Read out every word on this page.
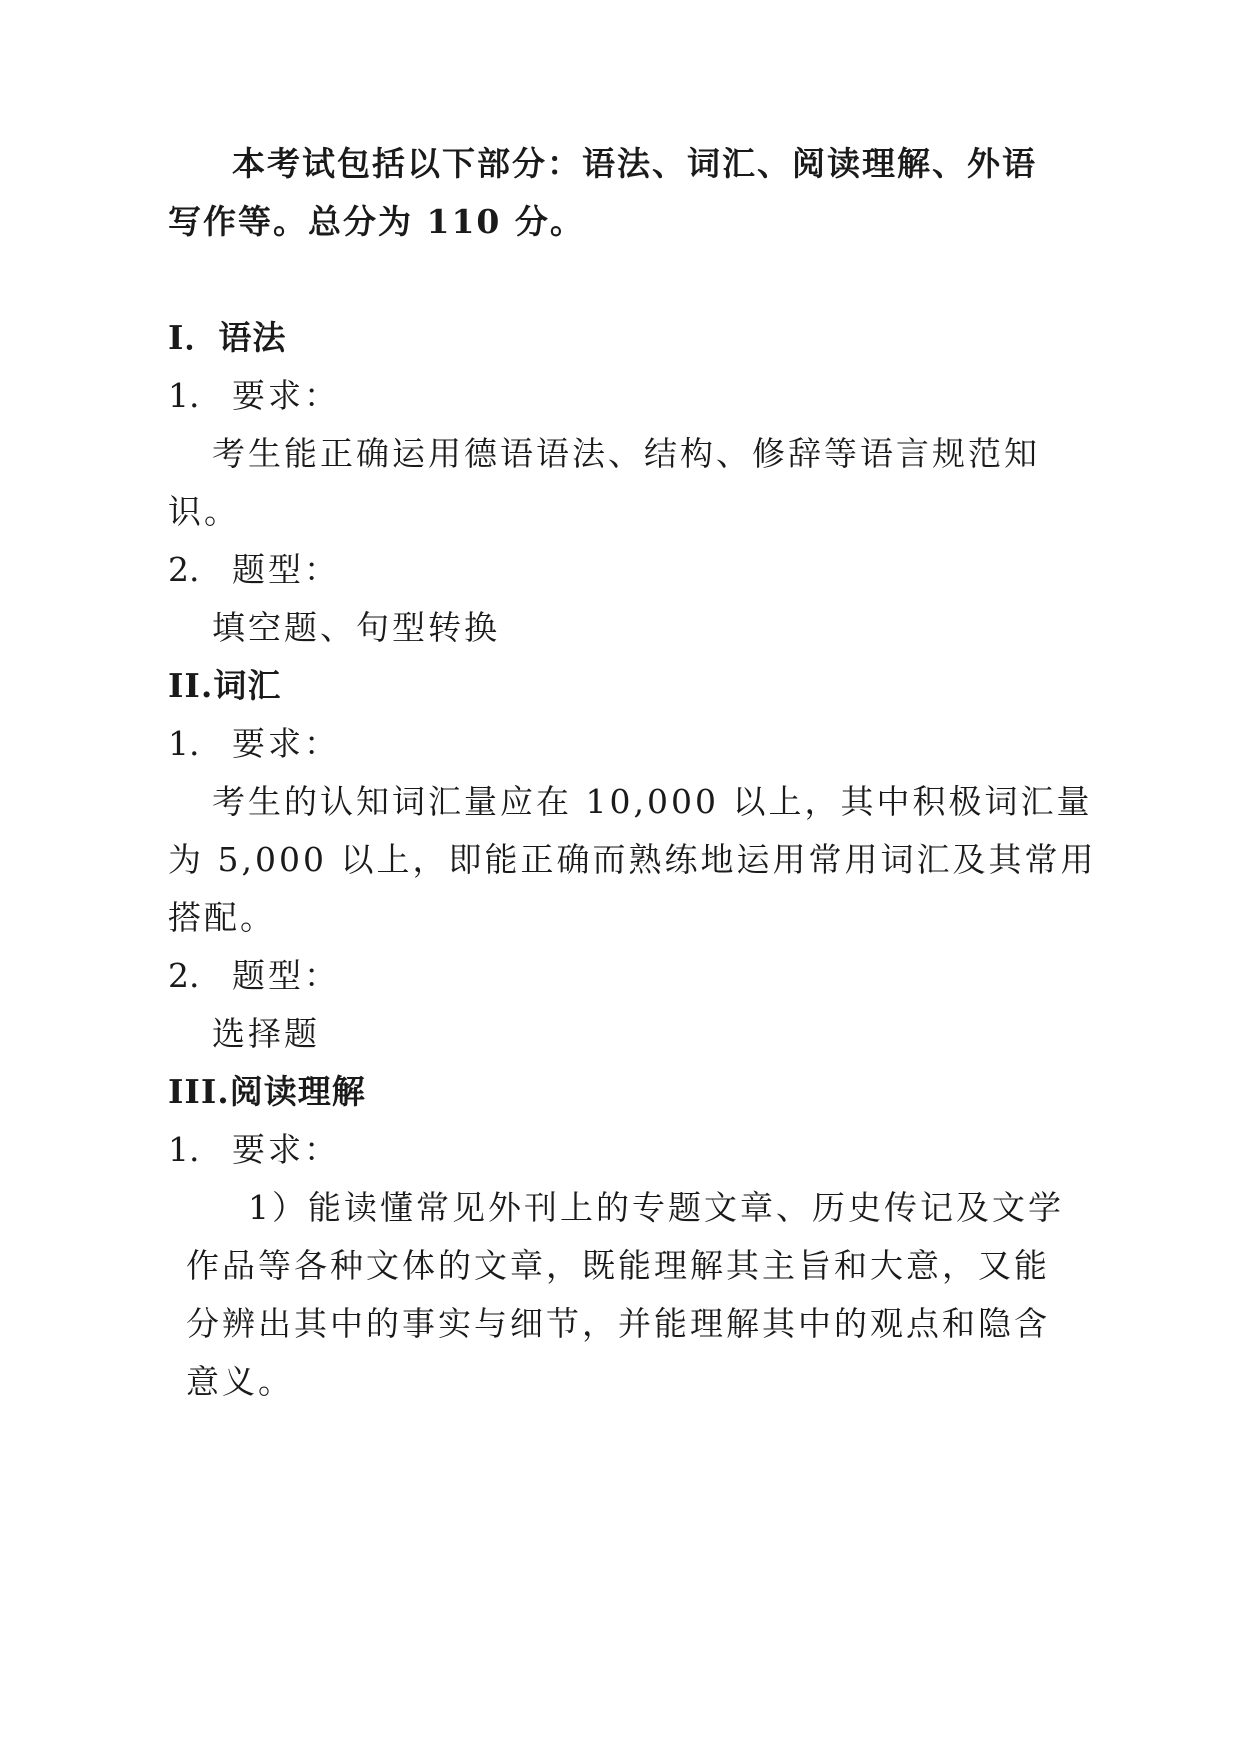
本考试包括以下部分：语法、词汇、阅读理解、外语
写作等。总分为 110 分。
I．语法
1. 要求：
考生能正确运用德语语法、结构、修辞等语言规范知
识。
2. 题型：
填空题、句型转换
II.词汇
1. 要求：
考生的认知词汇量应在 10,000 以上，其中积极词汇量
为 5,000 以上，即能正确而熟练地运用常用词汇及其常用
搭配。
2. 题型：
选择题
III.阅读理解
1. 要求：
1）能读懂常见外刊上的专题文章、历史传记及文学
作品等各种文体的文章，既能理解其主旨和大意，又能
分辨出其中的事实与细节，并能理解其中的观点和隐含
意义。
